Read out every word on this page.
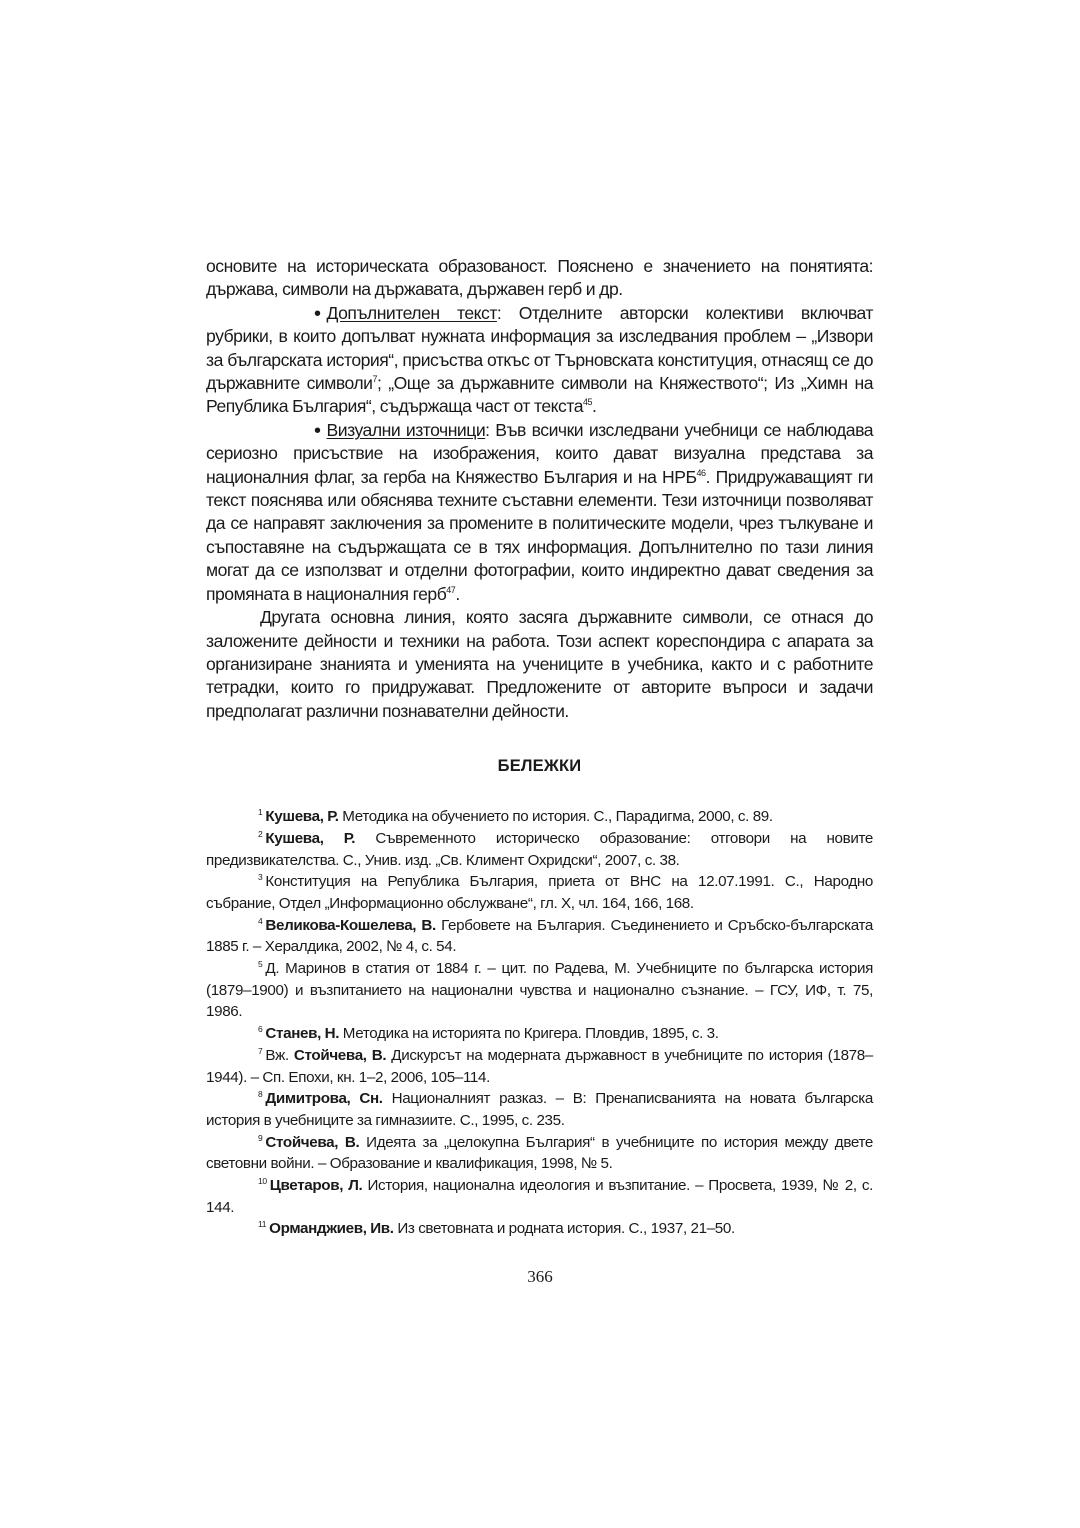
основите на историческата образованост. Пояснено е значението на понятията: държава, символи на държавата, държавен герб и др.

• Допълнителен текст: Отделните авторски колективи включват рубрики, в които допълват нужната информация за изследвания проблем – „Извори за българската история“, присъства откъс от Търновската конституция, отнасящ се до държавните символи$^7$; „Още за държавните символи на Княжеството“; Из „Химн на Република България“, съдържаща част от текста$^{45}$.

• Визуални източници: Във всички изследвани учебници се наблюдава сериозно присъствие на изображения, които дават визуална представа за националния флаг, за герба на Княжество България и на НРБ$^{46}$. Придружаващият ги текст пояснява или обяснява техните съставни елементи. Тези източници позволяват да се направят заключения за промените в политическите модели, чрез тълкуване и съпоставяне на съдържащата се в тях информация. Допълнително по тази линия могат да се използват и отделни фотографии, които индиректно дават сведения за промяната в националния герб$^{47}$.

Другата основна линия, която засяга държавните символи, се отнася до заложените дейности и техники на работа. Този аспект кореспондира с апарата за организиране знанията и уменията на учениците в учебника, както и с работните тетрадки, които го придружават. Предложените от авторите въпроси и задачи предполагат различни познавателни дейности.

БЕЛЕЖКИ

$^1$ Кушева, Р. Методика на обучението по история. С., Парадигма, 2000, с. 89.

$^2$ Кушева, Р. Съвременното историческо образование: отговори на новите предизвикателства. С., Унив. изд. „Св. Климент Охридски“, 2007, с. 38.

$^3$ Конституция на Република България, приета от ВНС на 12.07.1991. С., Народно събрание, Отдел „Информационно обслужване“, гл. X, чл. 164, 166, 168.

$^4$ Великова-Кошелева, В. Гербовете на България. Съединението и Сръбско-българската 1885 г. – Хералдика, 2002, № 4, с. 54.

$^5$ Д. Маринов в статия от 1884 г. – цит. по Радева, М. Учебниците по българска история (1879–1900) и възпитанието на национални чувства и национално съзнание. – ГСУ, ИФ, т. 75, 1986.

$^6$ Станев, Н. Методика на историята по Кригера. Пловдив, 1895, с. 3.

$^7$ Вж. Стойчева, В. Дискурсът на модерната държавност в учебниците по история (1878–1944). – Сп. Епохи, кн. 1–2, 2006, 105–114.

$^8$ Димитрова, Сн. Националният разказ. – В: Пренаписванията на новата българска история в учебниците за гимназиите. С., 1995, с. 235.

$^9$ Стойчева, В. Идеята за „целокупна България“ в учебниците по история между двете световни войни. – Образование и квалификация, 1998, № 5.

$^{10}$ Цветаров, Л. История, национална идеология и възпитание. – Просвета, 1939, № 2, с. 144.

$^{11}$ Орманджиев, Ив. Из световната и родната история. С., 1937, 21–50.

366
